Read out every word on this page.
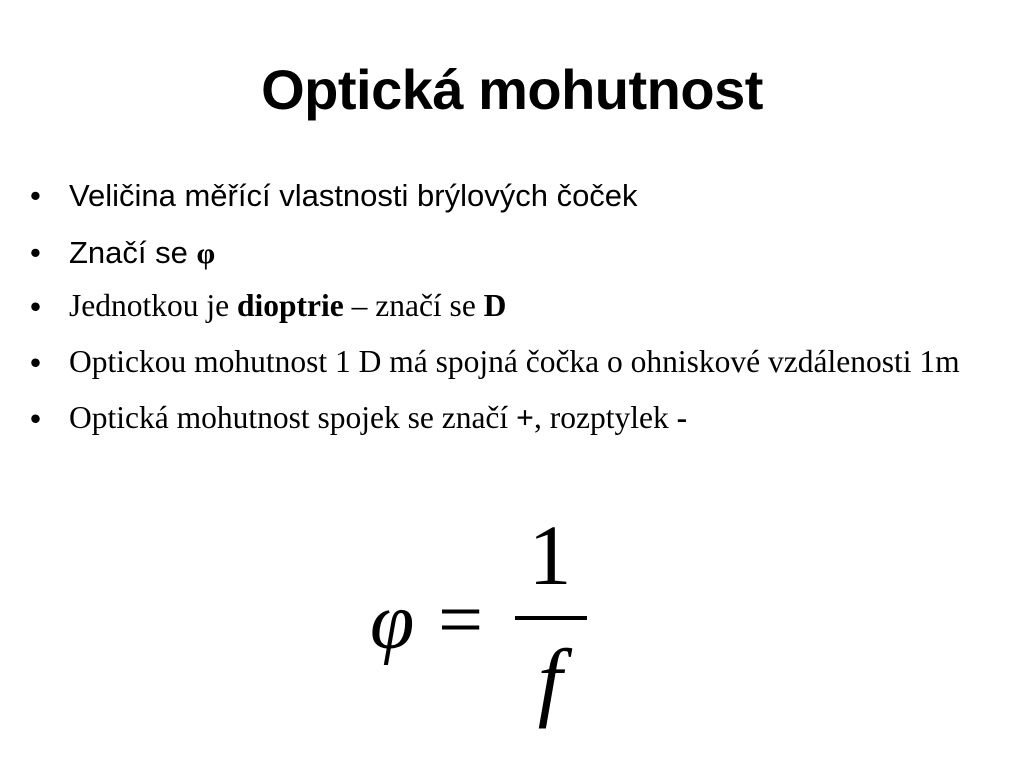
Optická mohutnost
• Veličina měřící vlastnosti brýlových čoček
• Značí se φ
• Jednotkou je dioptrie – značí se D
• Optickou mohutnost 1 D má spojná čočka o ohniskové vzdálenosti 1m
• Optická mohutnost spojek se značí +, rozptylek -
φ =
1
f
